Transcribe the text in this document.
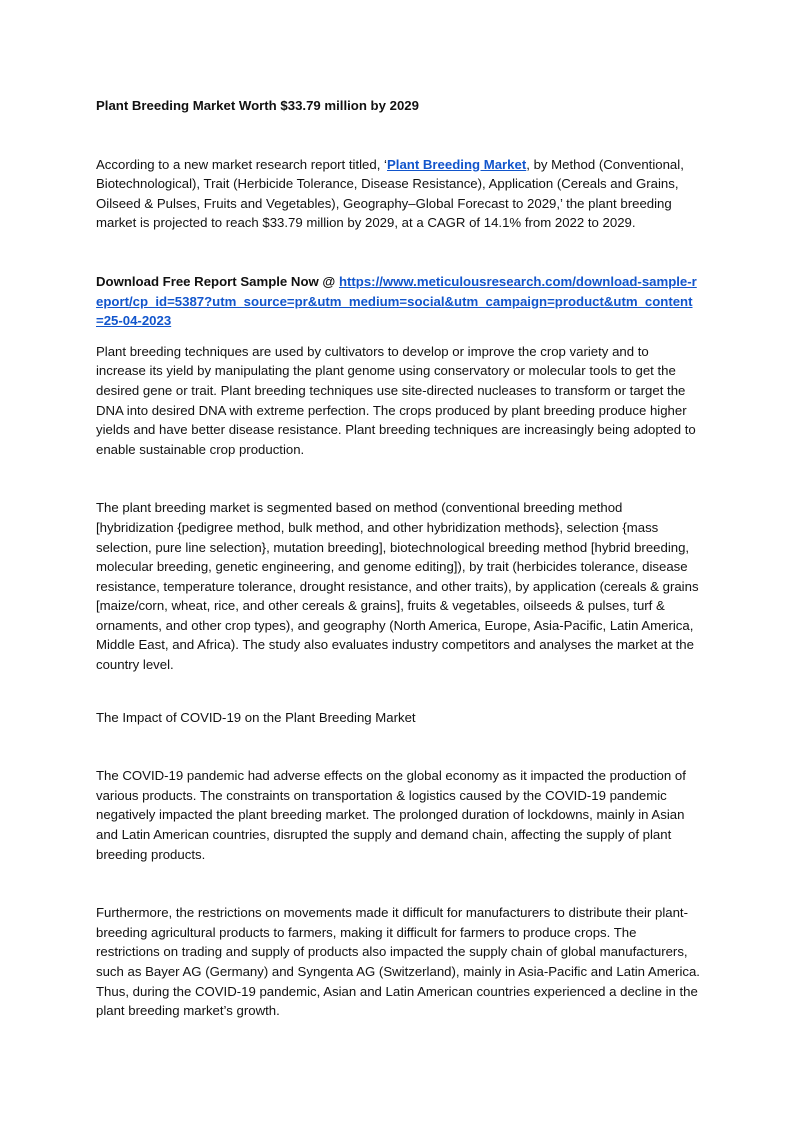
Plant Breeding Market Worth $33.79 million by 2029

According to a new market research report titled, ‘Plant Breeding Market, by Method (Conventional, Biotechnological), Trait (Herbicide Tolerance, Disease Resistance), Application (Cereals and Grains, Oilseed & Pulses, Fruits and Vegetables), Geography–Global Forecast to 2029,’ the plant breeding market is projected to reach $33.79 million by 2029, at a CAGR of 14.1% from 2022 to 2029.

Download Free Report Sample Now @ https://www.meticulousresearch.com/download-sample-report/cp_id=5387?utm_source=pr&utm_medium=social&utm_campaign=product&utm_content=25-04-2023

Plant breeding techniques are used by cultivators to develop or improve the crop variety and to increase its yield by manipulating the plant genome using conservatory or molecular tools to get the desired gene or trait. Plant breeding techniques use site-directed nucleases to transform or target the DNA into desired DNA with extreme perfection. The crops produced by plant breeding produce higher yields and have better disease resistance. Plant breeding techniques are increasingly being adopted to enable sustainable crop production.

The plant breeding market is segmented based on method (conventional breeding method [hybridization {pedigree method, bulk method, and other hybridization methods}, selection {mass selection, pure line selection}, mutation breeding], biotechnological breeding method [hybrid breeding, molecular breeding, genetic engineering, and genome editing]), by trait (herbicides tolerance, disease resistance, temperature tolerance, drought resistance, and other traits), by application (cereals & grains [maize/corn, wheat, rice, and other cereals & grains], fruits & vegetables, oilseeds & pulses, turf & ornaments, and other crop types), and geography (North America, Europe, Asia-Pacific, Latin America, Middle East, and Africa). The study also evaluates industry competitors and analyses the market at the country level.

The Impact of COVID-19 on the Plant Breeding Market

The COVID-19 pandemic had adverse effects on the global economy as it impacted the production of various products. The constraints on transportation & logistics caused by the COVID-19 pandemic negatively impacted the plant breeding market. The prolonged duration of lockdowns, mainly in Asian and Latin American countries, disrupted the supply and demand chain, affecting the supply of plant breeding products.

Furthermore, the restrictions on movements made it difficult for manufacturers to distribute their plant-breeding agricultural products to farmers, making it difficult for farmers to produce crops. The restrictions on trading and supply of products also impacted the supply chain of global manufacturers, such as Bayer AG (Germany) and Syngenta AG (Switzerland), mainly in Asia-Pacific and Latin America. Thus, during the COVID-19 pandemic, Asian and Latin American countries experienced a decline in the plant breeding market’s growth.
